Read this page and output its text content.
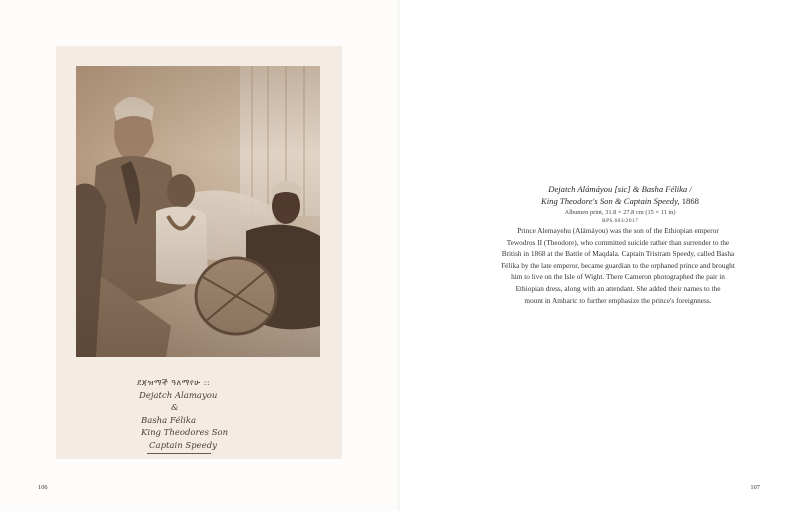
ደጃዝማች ዓለማየሁ ::
Dejatch Alamayou
&
Basha Félika
King Theodores Son
Captain Speedy
106
Dejatch Alámáyou [sic] & Basha Félika /
King Theodore's Son & Captain Speedy, 1868
Albumen print, 31.8 × 27.8 cm (15 × 11 in)
RPS.603/2017
Prince Alemayehu (Alámáyou) was the son of the Ethiopian emperor
Tewodros II (Theodore), who committed suicide rather than surrender to the
British in 1868 at the Battle of Maqdala. Captain Tristram Speedy, called Basha
Félika by the late emperor, became guardian to the orphaned prince and brought
him to live on the Isle of Wight. There Cameron photographed the pair in
Ethiopian dress, along with an attendant. She added their names to the
mount in Amharic to further emphasize the prince's foreignness.
107
